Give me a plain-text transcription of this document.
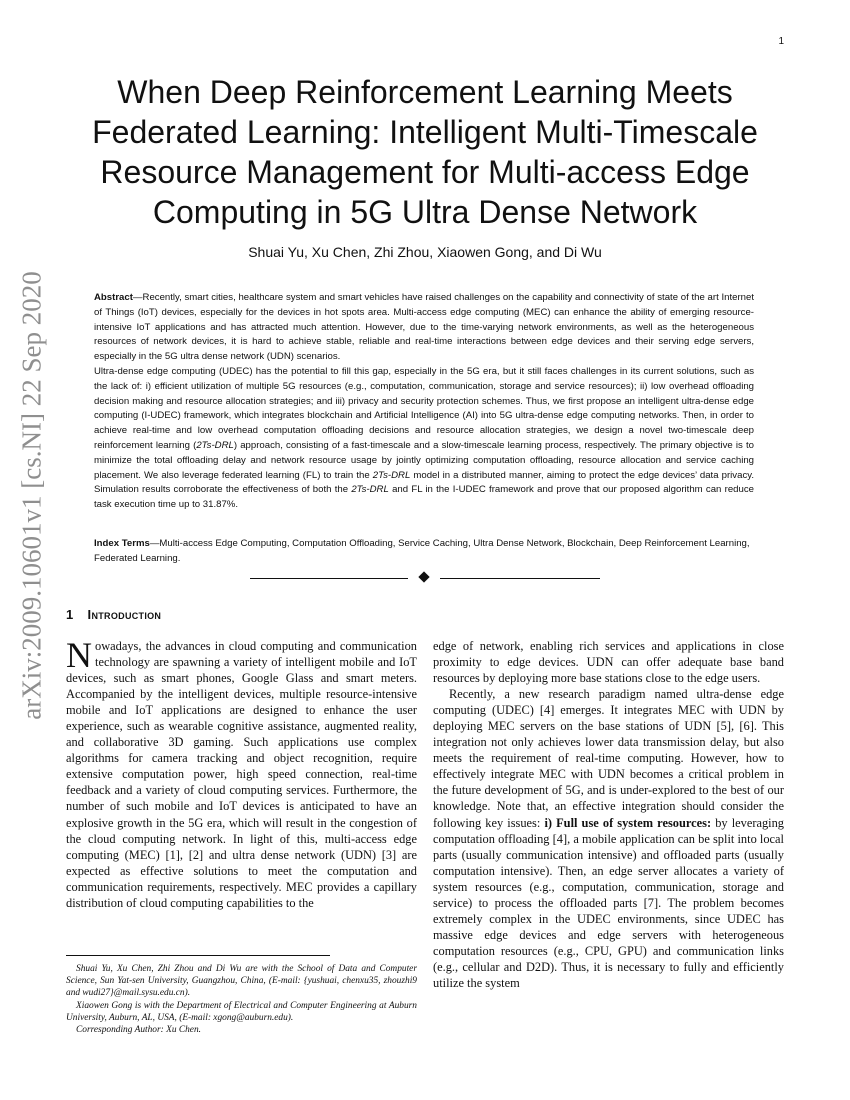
1
arXiv:2009.10601v1 [cs.NI] 22 Sep 2020
When Deep Reinforcement Learning Meets Federated Learning: Intelligent Multi-Timescale Resource Management for Multi-access Edge Computing in 5G Ultra Dense Network
Shuai Yu, Xu Chen, Zhi Zhou, Xiaowen Gong, and Di Wu

Abstract—Recently, smart cities, healthcare system and smart vehicles have raised challenges on the capability and connectivity of state of the art Internet of Things (IoT) devices, especially for the devices in hot spots area. Multi-access edge computing (MEC) can enhance the ability of emerging resource-intensive IoT applications and has attracted much attention. However, due to the time-varying network environments, as well as the heterogeneous resources of network devices, it is hard to achieve stable, reliable and real-time interactions between edge devices and their serving edge servers, especially in the 5G ultra dense network (UDN) scenarios.
Ultra-dense edge computing (UDEC) has the potential to fill this gap, especially in the 5G era, but it still faces challenges in its current solutions, such as the lack of: i) efficient utilization of multiple 5G resources (e.g., computation, communication, storage and service resources); ii) low overhead offloading decision making and resource allocation strategies; and iii) privacy and security protection schemes. Thus, we first propose an intelligent ultra-dense edge computing (I-UDEC) framework, which integrates blockchain and Artificial Intelligence (AI) into 5G ultra-dense edge computing networks. Then, in order to achieve real-time and low overhead computation offloading decisions and resource allocation strategies, we design a novel two-timescale deep reinforcement learning (2Ts-DRL) approach, consisting of a fast-timescale and a slow-timescale learning process, respectively. The primary objective is to minimize the total offloading delay and network resource usage by jointly optimizing computation offloading, resource allocation and service caching placement. We also leverage federated learning (FL) to train the 2Ts-DRL model in a distributed manner, aiming to protect the edge devices’ data privacy. Simulation results corroborate the effectiveness of both the 2Ts-DRL and FL in the I-UDEC framework and prove that our proposed algorithm can reduce task execution time up to 31.87%.

Index Terms—Multi-access Edge Computing, Computation Offloading, Service Caching, Ultra Dense Network, Blockchain, Deep Reinforcement Learning, Federated Learning.

1 Introduction

Nowadays, the advances in cloud computing and communication technology are spawning a variety of intelligent mobile and IoT devices, such as smart phones, Google Glass and smart meters. Accompanied by the intelligent devices, multiple resource-intensive mobile and IoT applications are designed to enhance the user experience, such as wearable cognitive assistance, augmented reality, and collaborative 3D gaming. Such applications use complex algorithms for camera tracking and object recognition, require extensive computation power, high speed connection, real-time feedback and a variety of cloud computing services. Furthermore, the number of such mobile and IoT devices is anticipated to have an explosive growth in the 5G era, which will result in the congestion of the cloud computing network. In light of this, multi-access edge computing (MEC) [1], [2] and ultra dense network (UDN) [3] are expected as effective solutions to meet the computation and communication requirements, respectively. MEC provides a capillary distribution of cloud computing capabilities to the

Shuai Yu, Xu Chen, Zhi Zhou and Di Wu are with the School of Data and Computer Science, Sun Yat-sen University, Guangzhou, China, (E-mail: {yushuai, chenxu35, zhouzhi9 and wudi27}@mail.sysu.edu.cn).

Xiaowen Gong is with the Department of Electrical and Computer Engineering at Auburn University, Auburn, AL, USA, (E-mail: xgong@auburn.edu).

Corresponding Author: Xu Chen.

edge of network, enabling rich services and applications in close proximity to edge devices. UDN can offer adequate base band resources by deploying more base stations close to the edge users.

Recently, a new research paradigm named ultra-dense edge computing (UDEC) [4] emerges. It integrates MEC with UDN by deploying MEC servers on the base stations of UDN [5], [6]. This integration not only achieves lower data transmission delay, but also meets the requirement of real-time computing. However, how to effectively integrate MEC with UDN becomes a critical problem in the future development of 5G, and is under-explored to the best of our knowledge. Note that, an effective integration should consider the following key issues: i) Full use of system resources: by leveraging computation offloading [4], a mobile application can be split into local parts (usually communication intensive) and offloaded parts (usually computation intensive). Then, an edge server allocates a variety of system resources (e.g., computation, communication, storage and service) to process the offloaded parts [7]. The problem becomes extremely complex in the UDEC environments, since UDEC has massive edge devices and edge servers with heterogeneous computation resources (e.g., CPU, GPU) and communication links (e.g., cellular and D2D). Thus, it is necessary to fully and efficiently utilize the system
